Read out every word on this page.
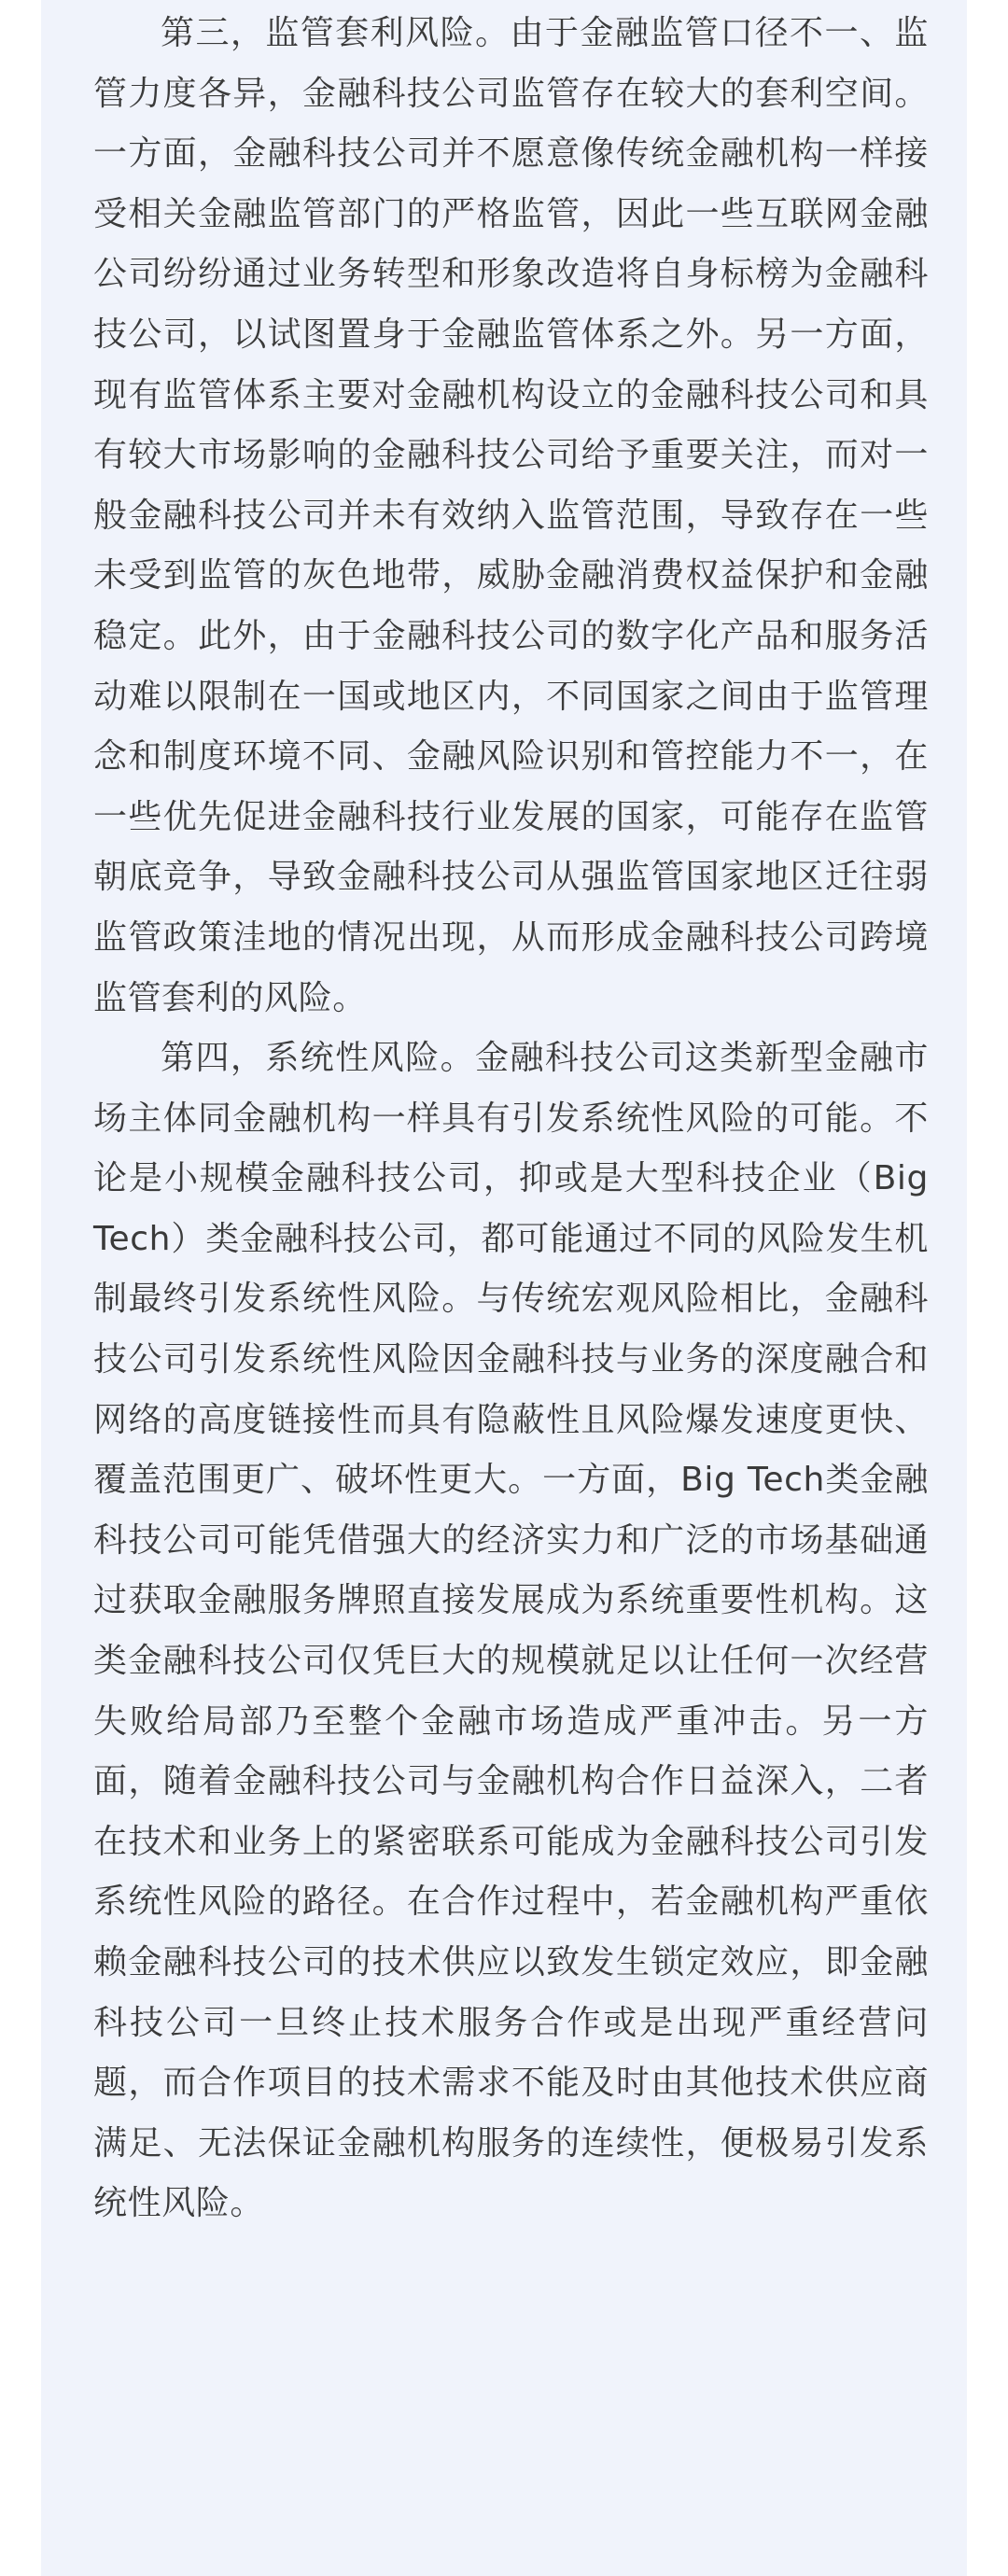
第三，监管套利风险。由于金融监管口径不一、监管力度各异，金融科技公司监管存在较大的套利空间。一方面，金融科技公司并不愿意像传统金融机构一样接受相关金融监管部门的严格监管，因此一些互联网金融公司纷纷通过业务转型和形象改造将自身标榜为金融科技公司，以试图置身于金融监管体系之外。另一方面，现有监管体系主要对金融机构设立的金融科技公司和具有较大市场影响的金融科技公司给予重要关注，而对一般金融科技公司并未有效纳入监管范围，导致存在一些未受到监管的灰色地带，威胁金融消费权益保护和金融稳定。此外，由于金融科技公司的数字化产品和服务活动难以限制在一国或地区内，不同国家之间由于监管理念和制度环境不同、金融风险识别和管控能力不一，在一些优先促进金融科技行业发展的国家，可能存在监管朝底竞争，导致金融科技公司从强监管国家地区迁往弱监管政策洼地的情况出现，从而形成金融科技公司跨境监管套利的风险。

第四，系统性风险。金融科技公司这类新型金融市场主体同金融机构一样具有引发系统性风险的可能。不论是小规模金融科技公司，抑或是大型科技企业（Big Tech）类金融科技公司，都可能通过不同的风险发生机制最终引发系统性风险。与传统宏观风险相比，金融科技公司引发系统性风险因金融科技与业务的深度融合和网络的高度链接性而具有隐蔽性且风险爆发速度更快、覆盖范围更广、破坏性更大。一方面，Big Tech类金融科技公司可能凭借强大的经济实力和广泛的市场基础通过获取金融服务牌照直接发展成为系统重要性机构。这类金融科技公司仅凭巨大的规模就足以让任何一次经营失败给局部乃至整个金融市场造成严重冲击。另一方面，随着金融科技公司与金融机构合作日益深入，二者在技术和业务上的紧密联系可能成为金融科技公司引发系统性风险的路径。在合作过程中，若金融机构严重依赖金融科技公司的技术供应以致发生锁定效应，即金融科技公司一旦终止技术服务合作或是出现严重经营问题，而合作项目的技术需求不能及时由其他技术供应商满足、无法保证金融机构服务的连续性，便极易引发系统性风险。
